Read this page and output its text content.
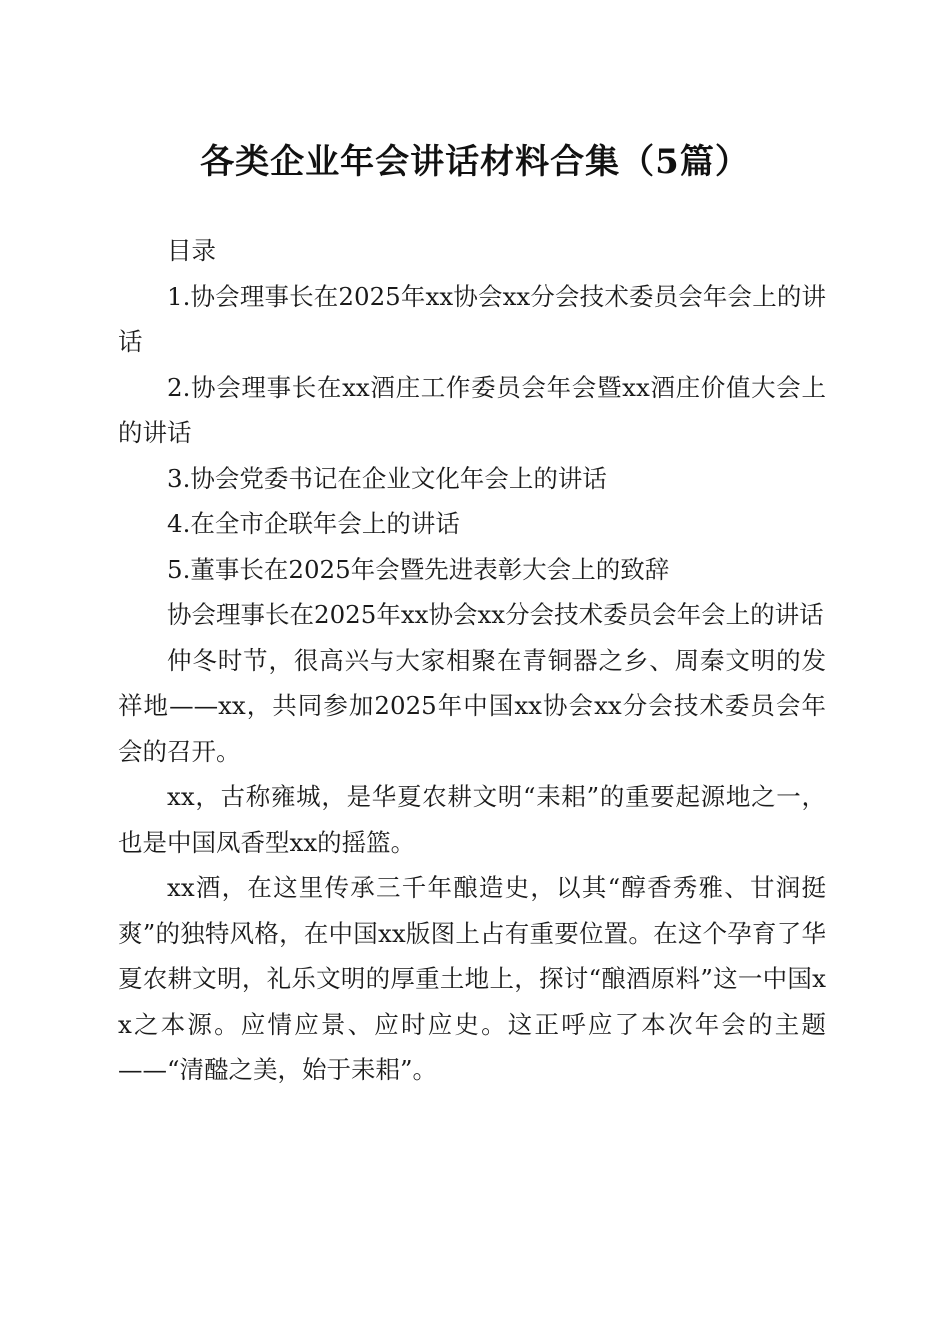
各类企业年会讲话材料合集（5篇）

目录

1.协会理事长在2025年xx协会xx分会技术委员会年会上的讲话

2.协会理事长在xx酒庄工作委员会年会暨xx酒庄价值大会上的讲话

3.协会党委书记在企业文化年会上的讲话

4.在全市企联年会上的讲话

5.董事长在2025年会暨先进表彰大会上的致辞

协会理事长在2025年xx协会xx分会技术委员会年会上的讲话

仲冬时节，很高兴与大家相聚在青铜器之乡、周秦文明的发祥地——xx，共同参加2025年中国xx协会xx分会技术委员会年会的召开。

xx，古称雍城，是华夏农耕文明“耒耜”的重要起源地之一，也是中国凤香型xx的摇篮。

xx酒，在这里传承三千年酿造史，以其“醇香秀雅、甘润挺爽”的独特风格，在中国xx版图上占有重要位置。在这个孕育了华夏农耕文明，礼乐文明的厚重土地上，探讨“酿酒原料”这一中国xx之本源。应情应景、应时应史。这正呼应了本次年会的主题——“清醠之美，始于耒耜”。
